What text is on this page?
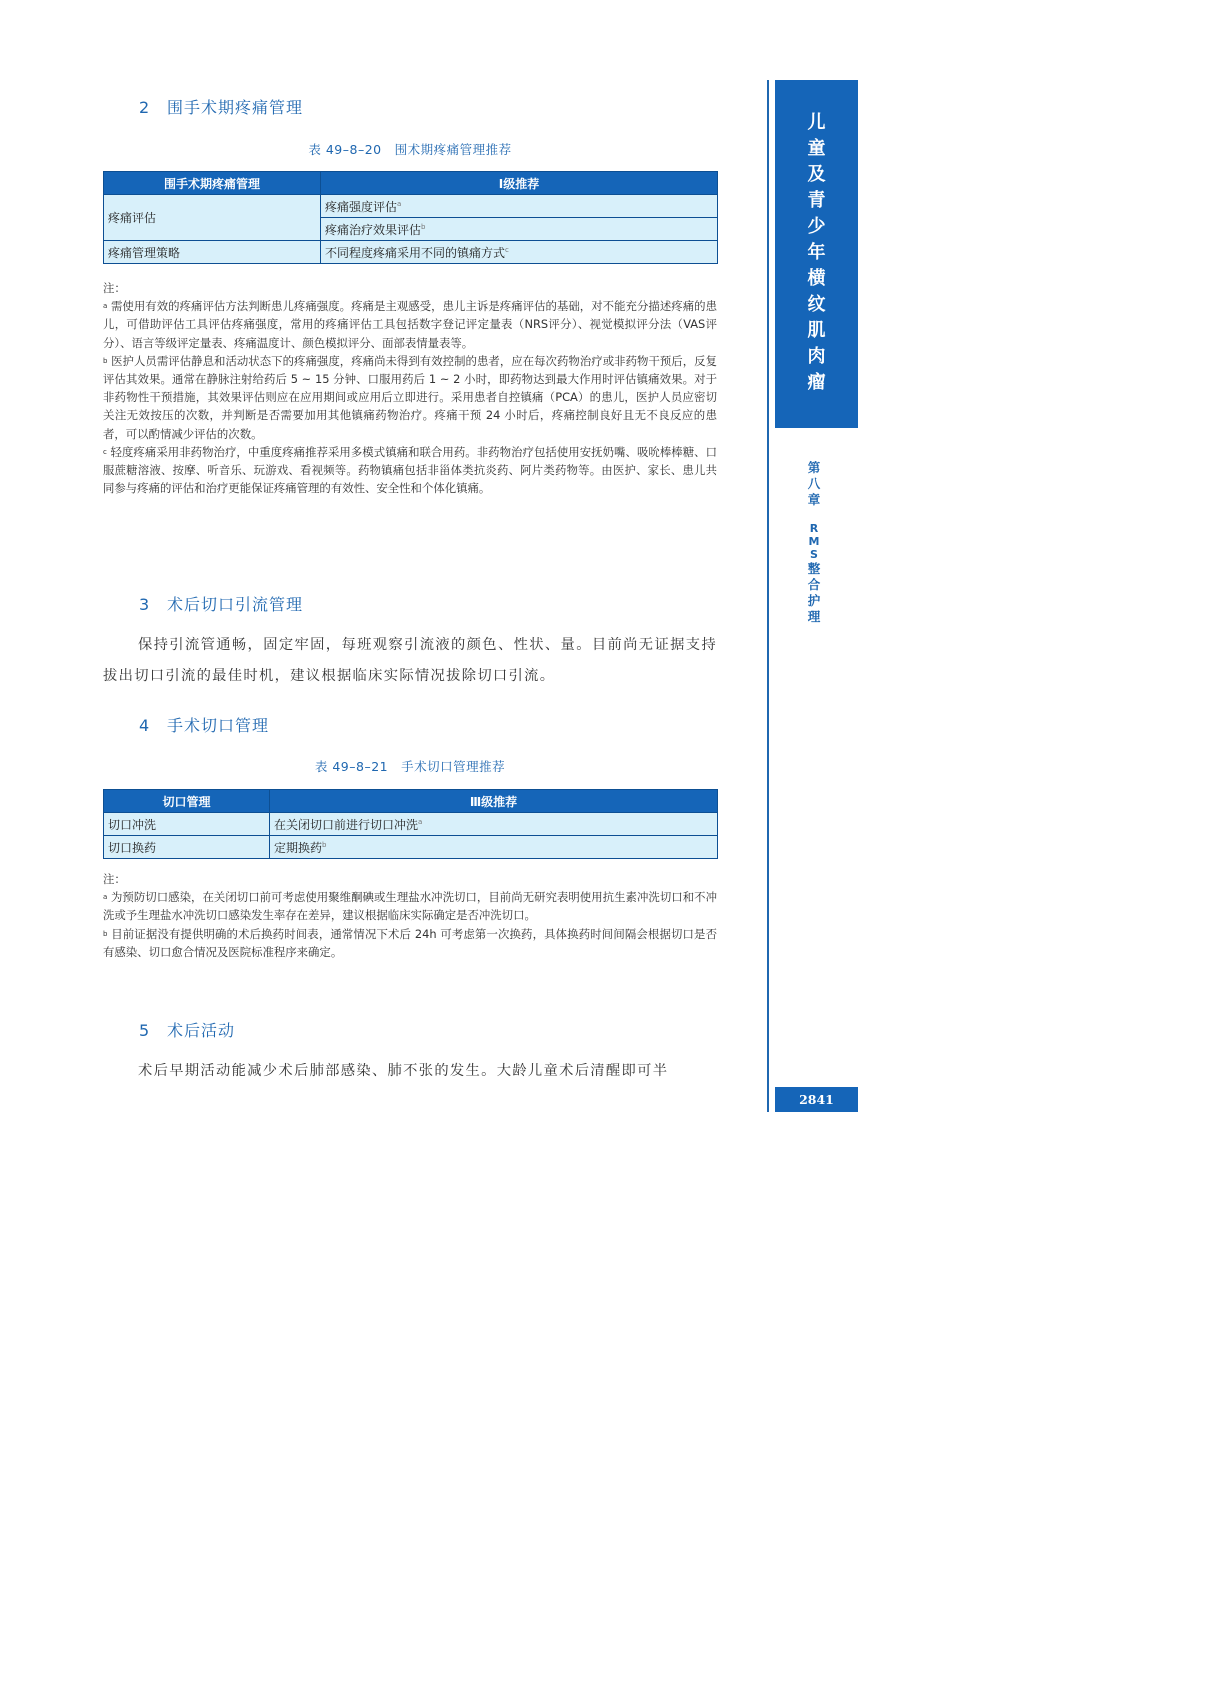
2 围手术期疼痛管理
表 49–8–20　围术期疼痛管理推荐
围手术期疼痛管理	Ⅰ级推荐
疼痛评估	疼痛强度评估$^a$
	疼痛治疗效果评估$^b$
疼痛管理策略	不同程度疼痛采用不同的镇痛方式$^c$

注：

$^a$ 需使用有效的疼痛评估方法判断患儿疼痛强度。疼痛是主观感受，患儿主诉是疼痛评估的基础，对不能充分描述疼痛的患儿，可借助评估工具评估疼痛强度，常用的疼痛评估工具包括数字登记评定量表（NRS评分）、视觉模拟评分法（VAS评分）、语言等级评定量表、疼痛温度计、颜色模拟评分、面部表情量表等。

$^b$ 医护人员需评估静息和活动状态下的疼痛强度，疼痛尚未得到有效控制的患者，应在每次药物治疗或非药物干预后，反复评估其效果。通常在静脉注射给药后 5 ~ 15 分钟、口服用药后 1 ~ 2 小时，即药物达到最大作用时评估镇痛效果。对于非药物性干预措施，其效果评估则应在应用期间或应用后立即进行。采用患者自控镇痛（PCA）的患儿，医护人员应密切关注无效按压的次数，并判断是否需要加用其他镇痛药物治疗。疼痛干预 24 小时后，疼痛控制良好且无不良反应的患者，可以酌情减少评估的次数。

$^c$ 轻度疼痛采用非药物治疗，中重度疼痛推荐采用多模式镇痛和联合用药。非药物治疗包括使用安抚奶嘴、吸吮棒棒糖、口服蔗糖溶液、按摩、听音乐、玩游戏、看视频等。药物镇痛包括非甾体类抗炎药、阿片类药物等。由医护、家长、患儿共同参与疼痛的评估和治疗更能保证疼痛管理的有效性、安全性和个体化镇痛。

3 术后切口引流管理
保持引流管通畅，固定牢固，每班观察引流液的颜色、性状、量。目前尚无证据支持拔出切口引流的最佳时机，建议根据临床实际情况拔除切口引流。
4 手术切口管理
表 49–8–21　手术切口管理推荐
切口管理	Ⅲ级推荐
切口冲洗	在关闭切口前进行切口冲洗$^a$
切口换药	定期换药$^b$

注：

$^a$ 为预防切口感染，在关闭切口前可考虑使用聚维酮碘或生理盐水冲洗切口，目前尚无研究表明使用抗生素冲洗切口和不冲洗或予生理盐水冲洗切口感染发生率存在差异，建议根据临床实际确定是否冲洗切口。

$^b$ 目前证据没有提供明确的术后换药时间表，通常情况下术后 24h 可考虑第一次换药，具体换药时间间隔会根据切口是否有感染、切口愈合情况及医院标准程序来确定。

5 术后活动
术后早期活动能减少术后肺部感染、肺不张的发生。大龄儿童术后清醒即可半
儿
童
及
青
少
年
横
纹
肌
肉
瘤
第
八
章
R
M
S
整
合
护
理
2841
